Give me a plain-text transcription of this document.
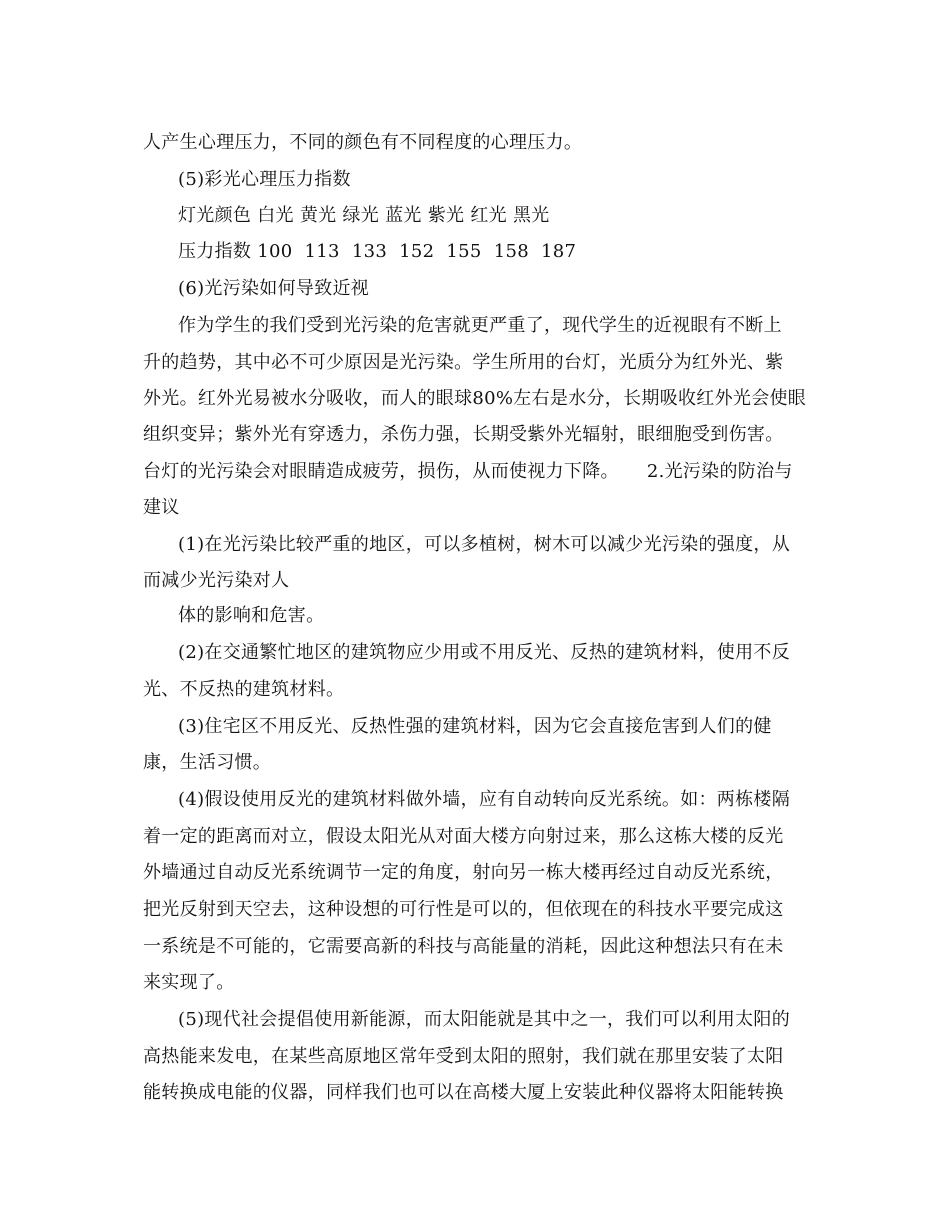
人产生心理压力，不同的颜色有不同程度的心理压力。
(5)彩光心理压力指数
灯光颜色 白光 黄光 绿光 蓝光 紫光 红光 黑光
压力指数 100  113  133  152  155  158  187
(6)光污染如何导致近视
作为学生的我们受到光污染的危害就更严重了，现代学生的近视眼有不断上
升的趋势，其中必不可少原因是光污染。学生所用的台灯，光质分为红外光、紫
外光。红外光易被水分吸收，而人的眼球80%左右是水分，长期吸收红外光会使眼
组织变异；紫外光有穿透力，杀伤力强，长期受紫外光辐射，眼细胞受到伤害。
台灯的光污染会对眼睛造成疲劳，损伤，从而使视力下降。 2.光污染的防治与
建议
(1)在光污染比较严重的地区，可以多植树，树木可以减少光污染的强度，从
而减少光污染对人
体的影响和危害。
(2)在交通繁忙地区的建筑物应少用或不用反光、反热的建筑材料，使用不反
光、不反热的建筑材料。
(3)住宅区不用反光、反热性强的建筑材料，因为它会直接危害到人们的健
康，生活习惯。
(4)假设使用反光的建筑材料做外墙，应有自动转向反光系统。如：两栋楼隔
着一定的距离而对立，假设太阳光从对面大楼方向射过来，那么这栋大楼的反光
外墙通过自动反光系统调节一定的角度，射向另一栋大楼再经过自动反光系统，
把光反射到天空去，这种设想的可行性是可以的，但依现在的科技水平要完成这
一系统是不可能的，它需要高新的科技与高能量的消耗，因此这种想法只有在未
来实现了。
(5)现代社会提倡使用新能源，而太阳能就是其中之一，我们可以利用太阳的
高热能来发电，在某些高原地区常年受到太阳的照射，我们就在那里安装了太阳
能转换成电能的仪器，同样我们也可以在高楼大厦上安装此种仪器将太阳能转换
